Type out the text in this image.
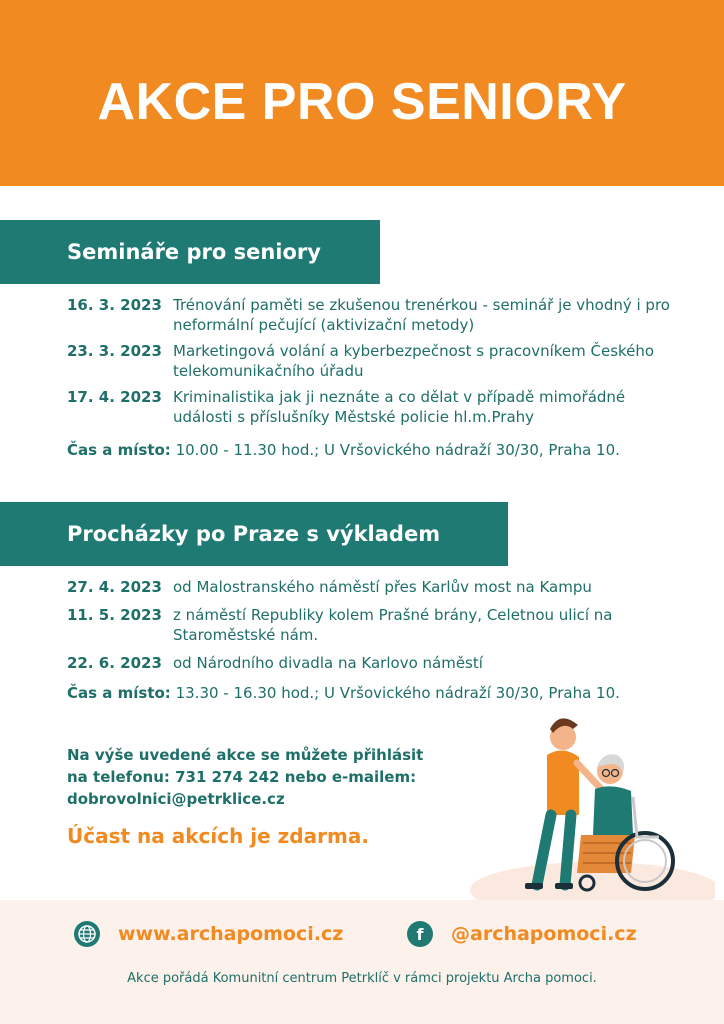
AKCE PRO SENIORY
Semináře pro seniory
16. 3. 2023 Trénování paměti se zkušenou trenérkou - seminář je vhodný i pro neformální pečující (aktivizační metody)
23. 3. 2023 Marketingová volání a kyberbezpečnost s pracovníkem Českého telekomunikačního úřadu
17. 4. 2023 Kriminalistika jak ji neznáte a co dělat v případě mimořádné události s příslušníky Městské policie hl.m.Prahy
Čas a místo: 10.00 - 11.30 hod.; U Vršovického nádraží 30/30, Praha 10.
Procházky po Praze s výkladem
27. 4. 2023 od Malostranského náměstí přes Karlův most na Kampu
11. 5. 2023 z náměstí Republiky kolem Prašné brány, Celetnou ulicí na Staroměstské nám.
22. 6. 2023 od Národního divadla na Karlovo náměstí
Čas a místo: 13.30 - 16.30 hod.; U Vršovického nádraží 30/30, Praha 10.
Na výše uvedené akce se můžete přihlásit
na telefonu: 731 274 242 nebo e-mailem:
dobrovolnici@petrklice.cz
Účast na akcích je zdarma.
www.archapomoci.cz	f	@archapomoci.cz
Akce pořádá Komunitní centrum Petrklíč v rámci projektu Archa pomoci.
